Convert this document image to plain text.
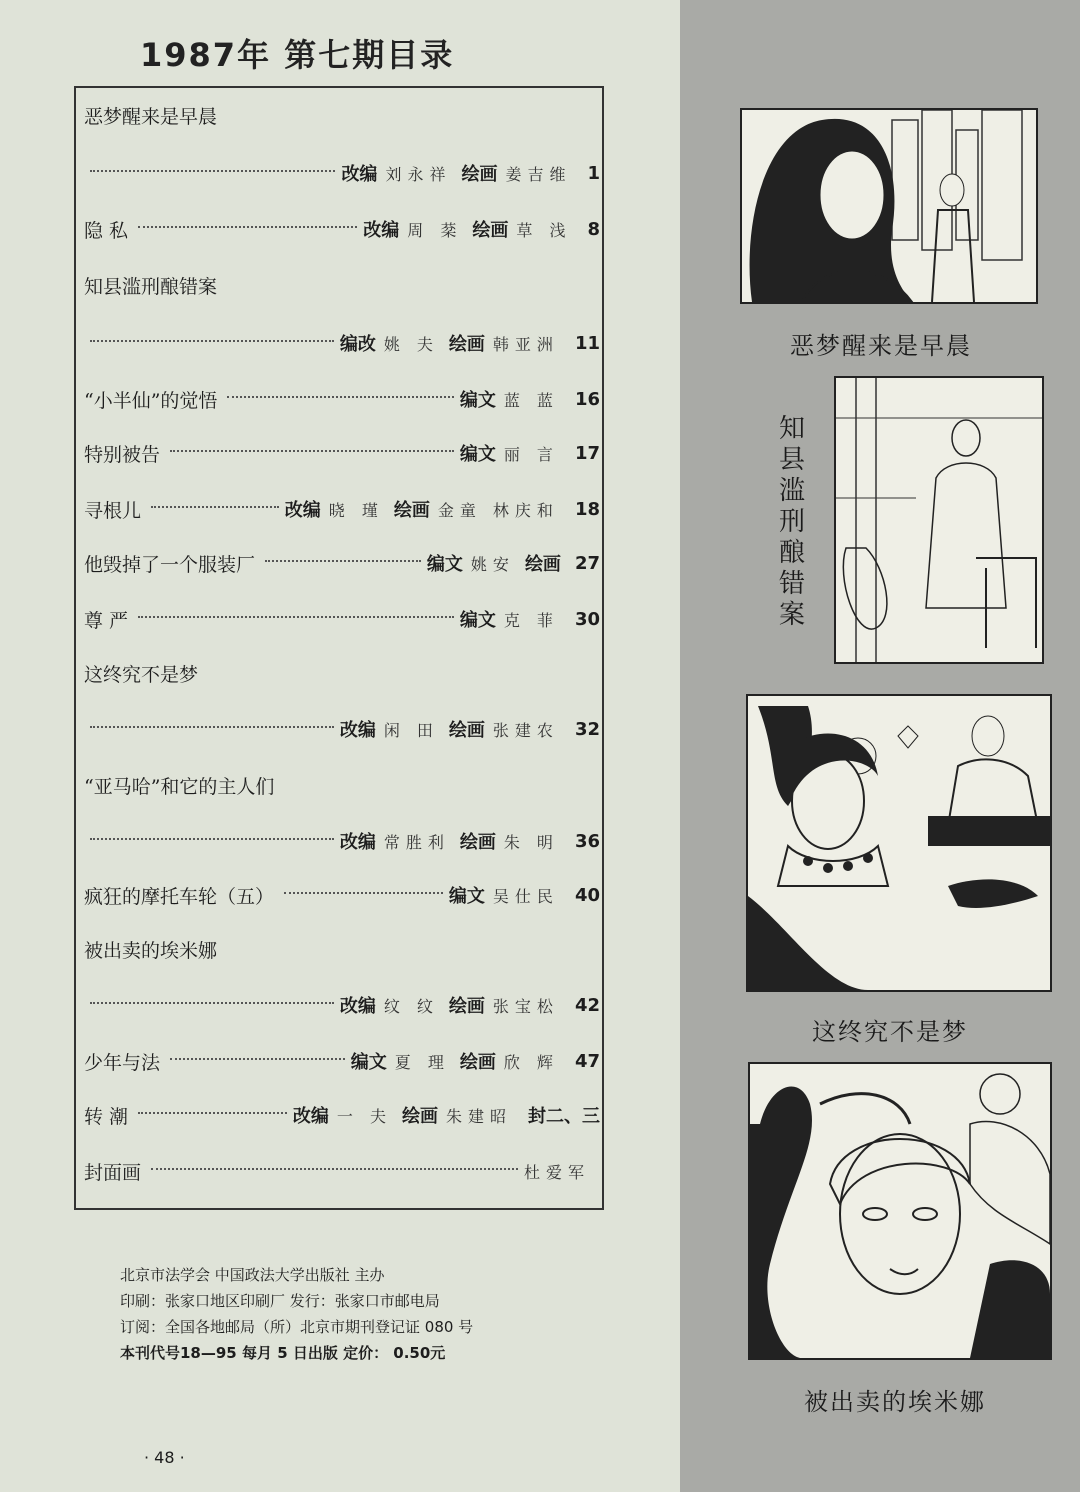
1987年 第七期目录
恶梦醒来是早晨
改编 刘永祥 绘画 姜吉维 1
隐 私	改编 周 棻 绘画 草 浅 8
知县滥刑酿错案
编改 姚 夫 绘画 韩亚洲 11
“小半仙”的觉悟	编文 蓝 蓝 16
特别被告	编文 丽 言 17
寻根儿	改编 晓 瑾 绘画 金童 林庆和 18
他毁掉了一个服装厂	编文 姚安 绘画 27
尊 严	编文 克 菲 30
这终究不是梦
改编 闲 田 绘画 张建农 32
“亚马哈”和它的主人们
改编 常胜利 绘画 朱 明 36
疯狂的摩托车轮（五）	编文 吴仕民 40
被出卖的埃米娜
改编 纹 纹 绘画 张宝松 42
少年与法	编文 夏 理 绘画 欣 辉 47
转 潮	改编 一 夫 绘画 朱建昭 封二、三
封面画	杜爱军
北京市法学会 中国政法大学出版社 主办
印刷：张家口地区印刷厂 发行：张家口市邮电局
订阅：全国各地邮局（所）北京市期刊登记证 080 号
本刊代号18—95 每月 5 日出版 定价： 0.50元
· 48 ·
恶梦醒来是早晨
知
县
滥
刑
酿
错
案
这终究不是梦
被出卖的埃米娜
